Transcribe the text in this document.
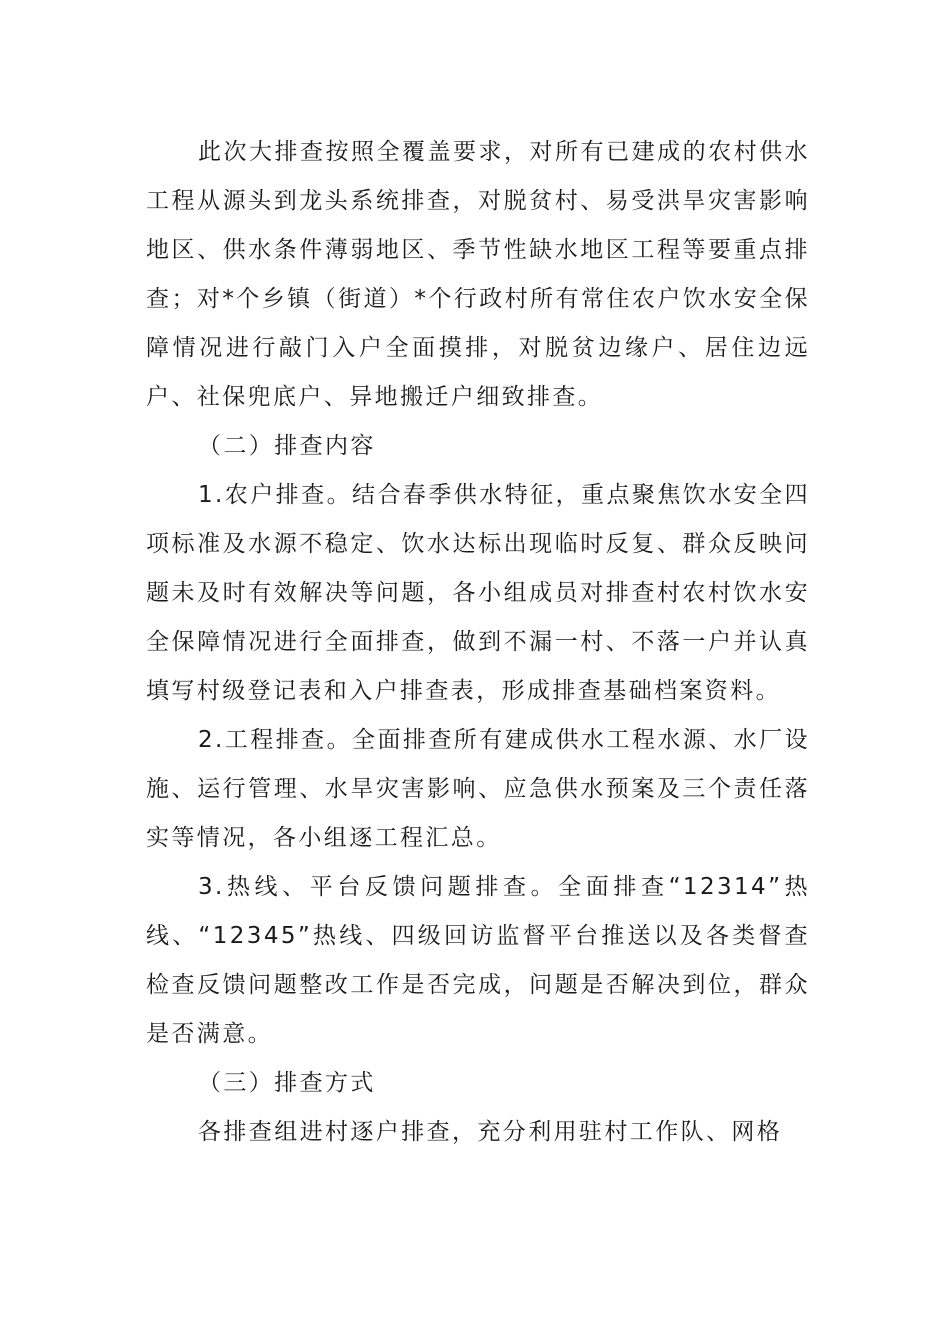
此次大排查按照全覆盖要求，对所有已建成的农村供水工程从源头到龙头系统排查，对脱贫村、易受洪旱灾害影响地区、供水条件薄弱地区、季节性缺水地区工程等要重点排查；对*个乡镇（街道）*个行政村所有常住农户饮水安全保障情况进行敲门入户全面摸排，对脱贫边缘户、居住边远户、社保兜底户、异地搬迁户细致排查。

（二）排查内容

1.农户排查。结合春季供水特征，重点聚焦饮水安全四项标准及水源不稳定、饮水达标出现临时反复、群众反映问题未及时有效解决等问题，各小组成员对排查村农村饮水安全保障情况进行全面排查，做到不漏一村、不落一户并认真填写村级登记表和入户排查表，形成排查基础档案资料。

2.工程排查。全面排查所有建成供水工程水源、水厂设施、运行管理、水旱灾害影响、应急供水预案及三个责任落实等情况，各小组逐工程汇总。

3.热线、平台反馈问题排查。全面排查“12314”热线、“12345”热线、四级回访监督平台推送以及各类督查检查反馈问题整改工作是否完成，问题是否解决到位，群众是否满意。

（三）排查方式

各排查组进村逐户排查，充分利用驻村工作队、网格
